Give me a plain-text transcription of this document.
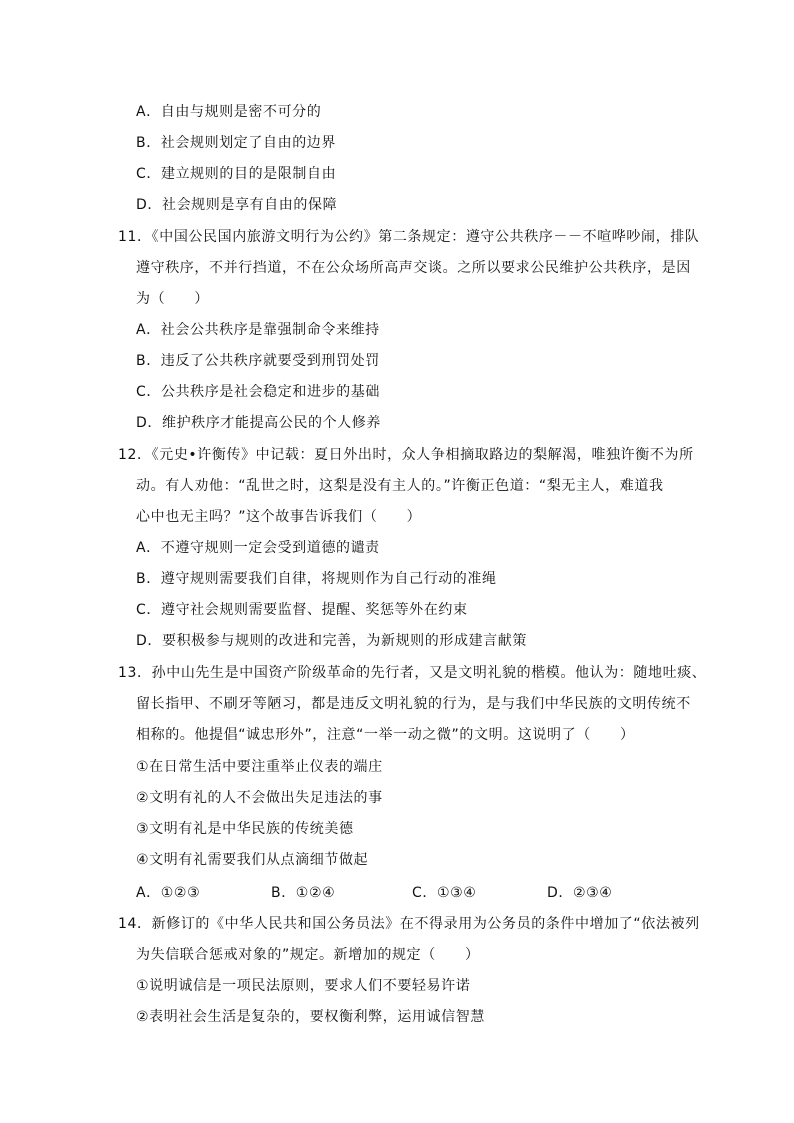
A．自由与规则是密不可分的
B．社会规则划定了自由的边界
C．建立规则的目的是限制自由
D．社会规则是享有自由的保障
11．《中国公民国内旅游文明行为公约》第二条规定：遵守公共秩序－－不喧哗吵闹，排队
遵守秩序，不并行挡道，不在公众场所高声交谈。之所以要求公民维护公共秩序，是因
为（　　）
A．社会公共秩序是靠强制命令来维持
B．违反了公共秩序就要受到刑罚处罚
C．公共秩序是社会稳定和进步的基础
D．维护秩序才能提高公民的个人修养
12．《元史•许衡传》中记载：夏日外出时，众人争相摘取路边的梨解渴，唯独许衡不为所
动。有人劝他：“乱世之时，这梨是没有主人的。”许衡正色道：“梨无主人，难道我
心中也无主吗？”这个故事告诉我们（　　）
A．不遵守规则一定会受到道德的谴责
B．遵守规则需要我们自律，将规则作为自己行动的准绳
C．遵守社会规则需要监督、提醒、奖惩等外在约束
D．要积极参与规则的改进和完善，为新规则的形成建言献策
13．孙中山先生是中国资产阶级革命的先行者，又是文明礼貌的楷模。他认为：随地吐痰、
留长指甲、不刷牙等陋习，都是违反文明礼貌的行为，是与我们中华民族的文明传统不
相称的。他提倡“诚忠形外”，注意“一举一动之微”的文明。这说明了（　　）
①在日常生活中要注重举止仪表的端庄
②文明有礼的人不会做出失足违法的事
③文明有礼是中华民族的传统美德
④文明有礼需要我们从点滴细节做起
A．①②③	B．①②④	C．①③④	D．②③④
14．新修订的《中华人民共和国公务员法》在不得录用为公务员的条件中增加了“依法被列
为失信联合惩戒对象的”规定。新增加的规定（　　）
①说明诚信是一项民法原则，要求人们不要轻易许诺
②表明社会生活是复杂的，要权衡利弊，运用诚信智慧
